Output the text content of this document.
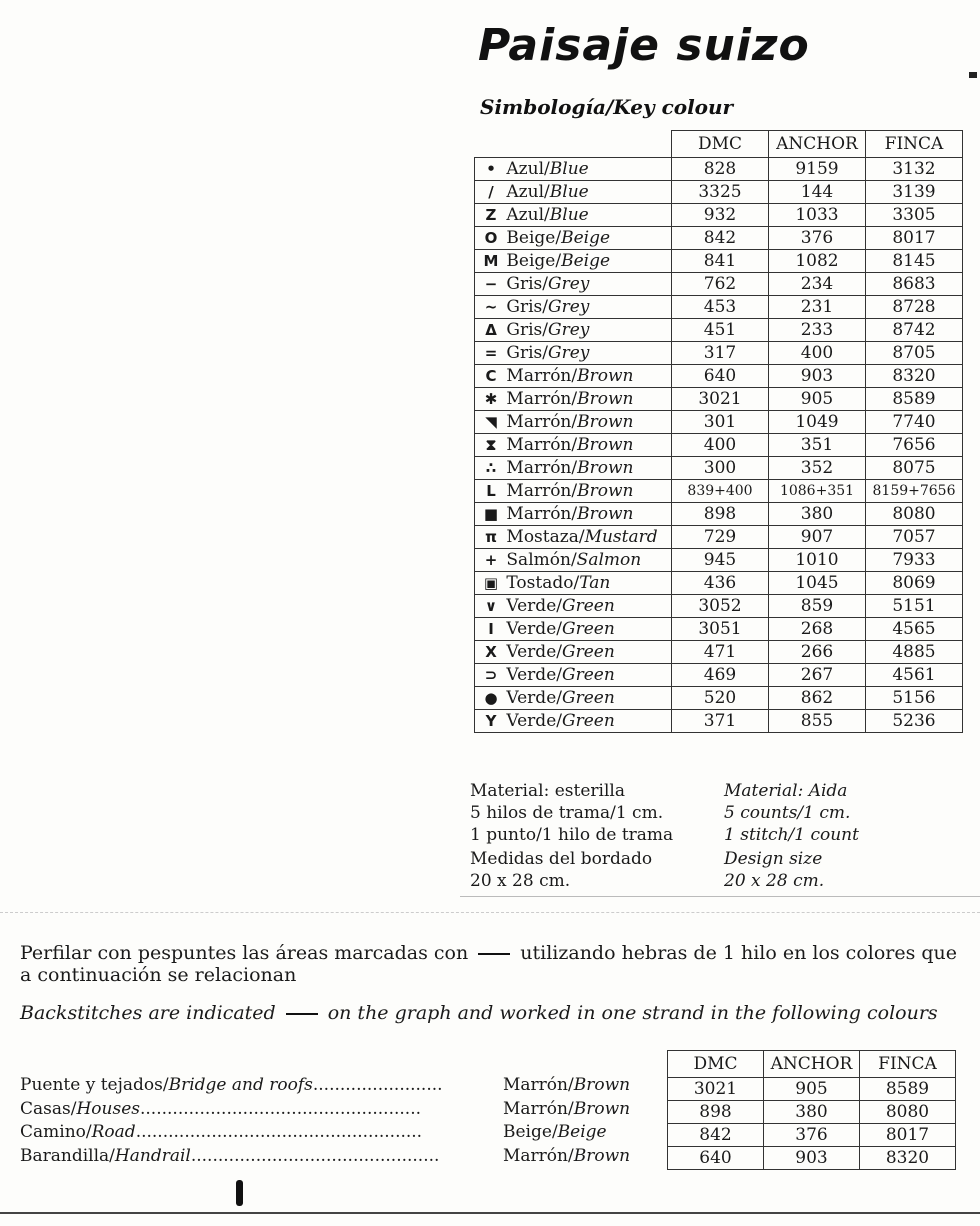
Paisaje suizo
Simbología/Key colour
	DMC	ANCHOR	FINCA
• Azul/Blue	828	9159	3132
/ Azul/Blue	3325	144	3139
Z Azul/Blue	932	1033	3305
O Beige/Beige	842	376	8017
M Beige/Beige	841	1082	8145
− Gris/Grey	762	234	8683
~ Gris/Grey	453	231	8728
Δ Gris/Grey	451	233	8742
= Gris/Grey	317	400	8705
C Marrón/Brown	640	903	8320
✱ Marrón/Brown	3021	905	8589
◥ Marrón/Brown	301	1049	7740
⧗ Marrón/Brown	400	351	7656
∴ Marrón/Brown	300	352	8075
L Marrón/Brown	839+400	1086+351	8159+7656
■ Marrón/Brown	898	380	8080
π Mostaza/Mustard	729	907	7057
+ Salmón/Salmon	945	1010	7933
▣ Tostado/Tan	436	1045	8069
∨ Verde/Green	3052	859	5151
I Verde/Green	3051	268	4565
X Verde/Green	471	266	4885
⊃ Verde/Green	469	267	4561
● Verde/Green	520	862	5156
Y Verde/Green	371	855	5236
Material: esterilla
5 hilos de trama/1 cm.
1 punto/1 hilo de trama
Medidas del bordado
20 x 28 cm.
Material: Aida
5 counts/1 cm.
1 stitch/1 count
Design size
20 x 28 cm.
Perfilar con pespuntes las áreas marcadas con	utilizando hebras de 1 hilo en los colores que a continuación se relacionan
Backstitches are indicated	on the graph and worked in one strand in the following colours
Puente y tejados/Bridge and roofs ........................	Marrón/Brown
Casas/Houses ....................................................	Marrón/Brown
Camino/Road .....................................................	Beige/Beige
Barandilla/Handrail ..............................................	Marrón/Brown
DMC	ANCHOR	FINCA
3021	905	8589
898	380	8080
842	376	8017
640	903	8320
